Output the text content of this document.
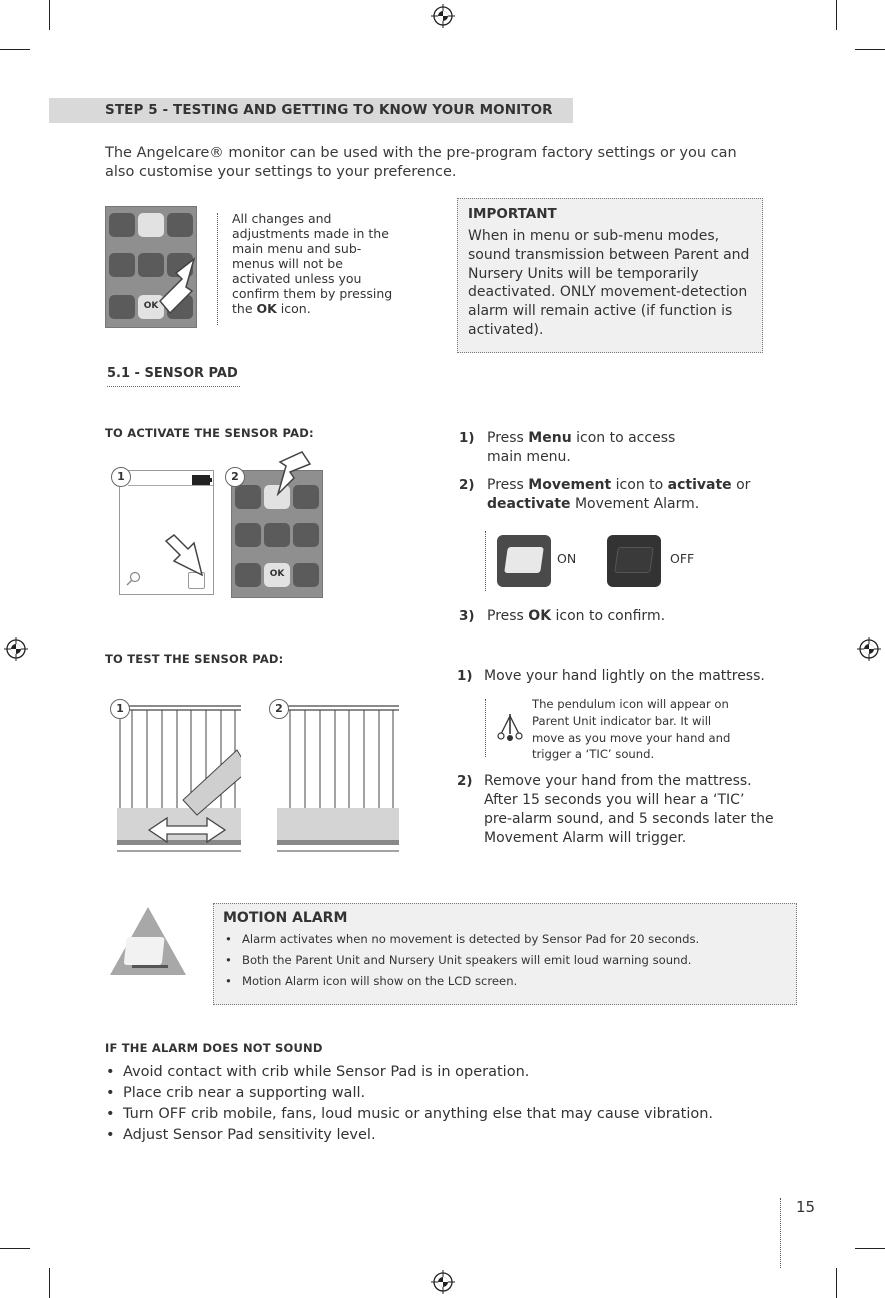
STEP 5 - TESTING AND GETTING TO KNOW YOUR MONITOR
The Angelcare® monitor can be used with the pre-program factory settings or you can also customise your settings to your preference.
OK
All changes and adjustments made in the main menu and sub-menus will not be activated unless you confirm them by pressing the OK icon.
IMPORTANT
When in menu or sub-menu modes, sound transmission between Parent and Nursery Units will be temporarily deactivated. ONLY movement-detection alarm will remain active (if function is activated).
5.1 - SENSOR PAD
TO ACTIVATE THE SENSOR PAD:
1
OK
2
1) Press Menu icon to access main menu.
2) Press Movement icon to activate or deactivate Movement Alarm.
ON	OFF
3) Press OK icon to confirm.
TO TEST THE SENSOR PAD:
1	2
1) Move your hand lightly on the mattress.
The pendulum icon will appear on Parent Unit indicator bar. It will move as you move your hand and trigger a ‘TIC’ sound.
2) Remove your hand from the mattress. After 15 seconds you will hear a ‘TIC’ pre-alarm sound, and 5 seconds later the Movement Alarm will trigger.
MOTION ALARM
• Alarm activates when no movement is detected by Sensor Pad for 20 seconds.
• Both the Parent Unit and Nursery Unit speakers will emit loud warning sound.
• Motion Alarm icon will show on the LCD screen.
IF THE ALARM DOES NOT SOUND
• Avoid contact with crib while Sensor Pad is in operation.
• Place crib near a supporting wall.
• Turn OFF crib mobile, fans, loud music or anything else that may cause vibration.
• Adjust Sensor Pad sensitivity level.
15
